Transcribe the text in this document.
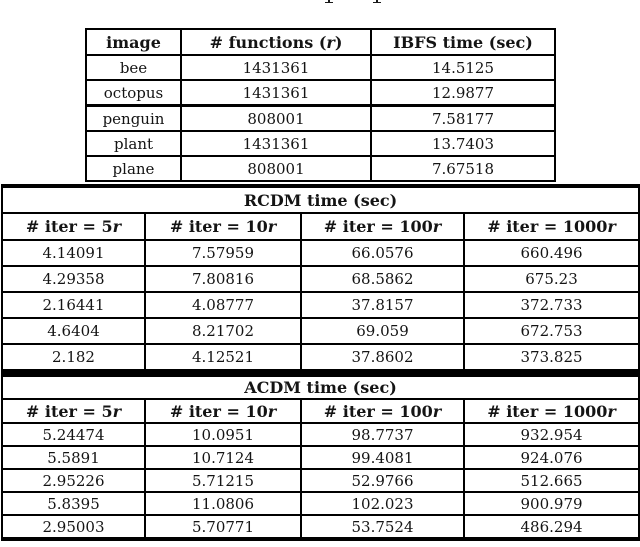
image	# functions (r)	IBFS time (sec)
bee	1431361	14.5125
octopus	1431361	12.9877
penguin	808001	7.58177
plant	1431361	13.7403
plane	808001	7.67518
RCDM time (sec)			
# iter = 5r	# iter = 10r	# iter = 100r	# iter = 1000r
4.14091	7.57959	66.0576	660.496
4.29358	7.80816	68.5862	675.23
2.16441	4.08777	37.8157	372.733
4.6404	8.21702	69.059	672.753
2.182	4.12521	37.8602	373.825
ACDM time (sec)			
# iter = 5r	# iter = 10r	# iter = 100r	# iter = 1000r
5.24474	10.0951	98.7737	932.954
5.5891	10.7124	99.4081	924.076
2.95226	5.71215	52.9766	512.665
5.8395	11.0806	102.023	900.979
2.95003	5.70771	53.7524	486.294
